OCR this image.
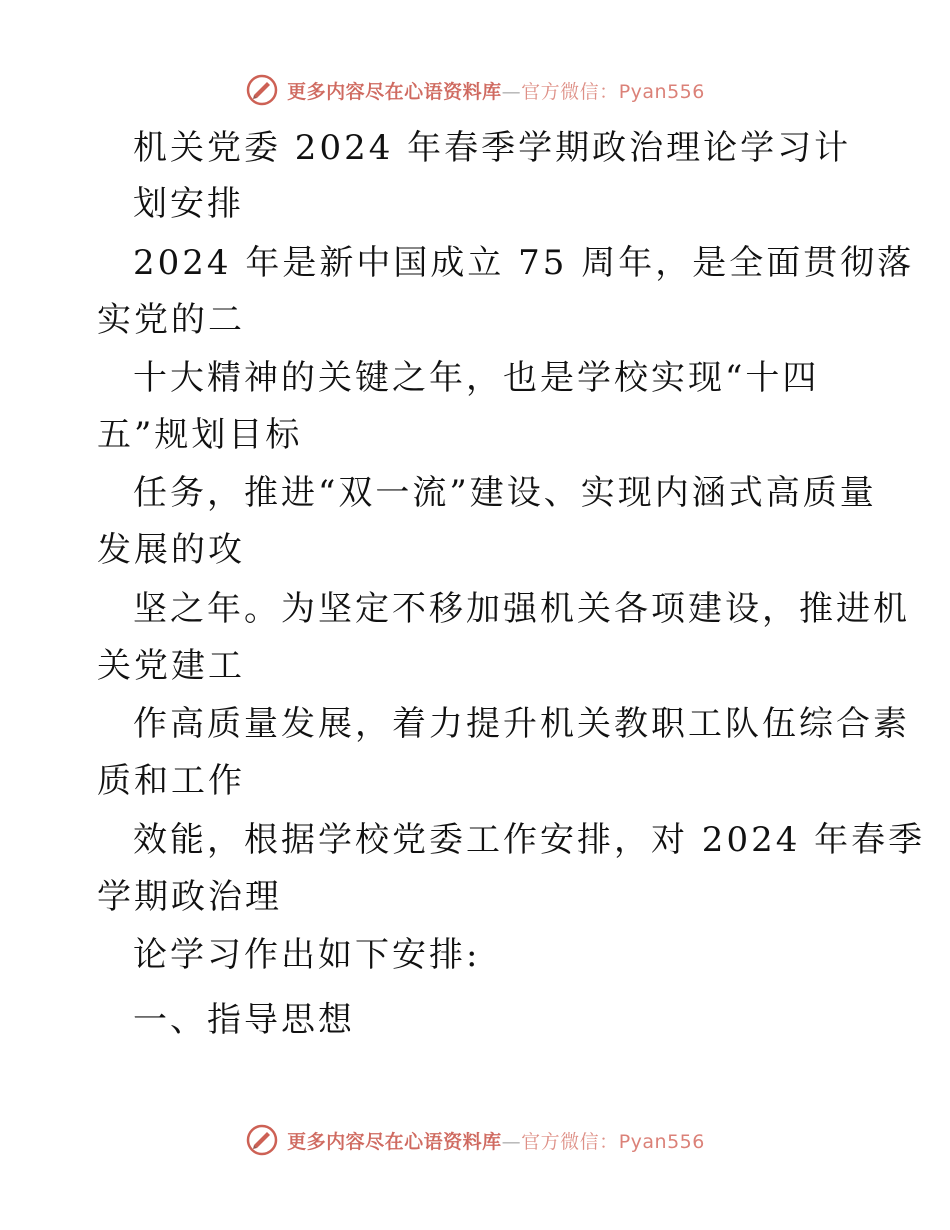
更多内容尽在心语资料库—官方微信：Pyan556
机关党委 2024 年春季学期政治理论学习计
划安排
2024 年是新中国成立 75 周年，是全面贯彻落
实党的二
十大精神的关键之年，也是学校实现“十四
五”规划目标
任务，推进“双一流”建设、实现内涵式高质量
发展的攻
坚之年。为坚定不移加强机关各项建设，推进机
关党建工
作高质量发展，着力提升机关教职工队伍综合素
质和工作
效能，根据学校党委工作安排，对 2024 年春季
学期政治理
论学习作出如下安排:
一、指导思想
更多内容尽在心语资料库—官方微信：Pyan556
